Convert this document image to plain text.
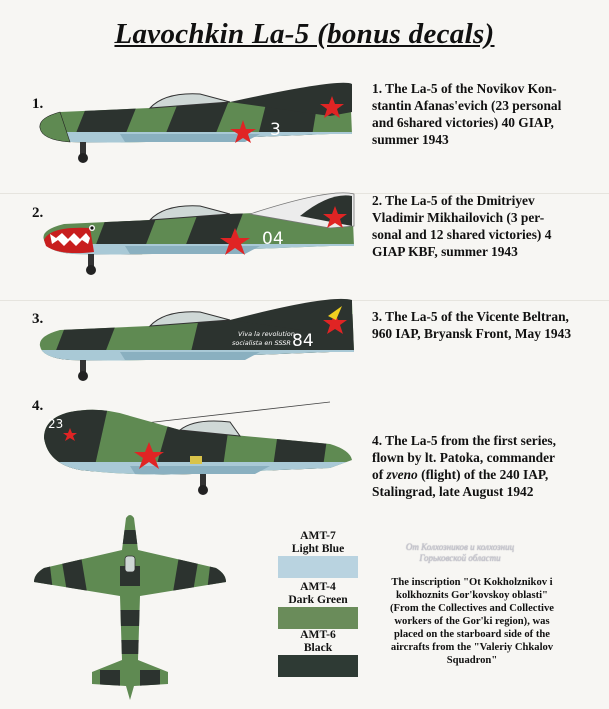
Lavochkin La-5 (bonus decals)
1.
3
1. The La-5 of the Novikov Kon-
stantin Afanas'evich (23 personal
and 6shared victories) 40 GIAP,
summer 1943
2.
04
2. The La-5 of the Dmitriyev
Vladimir Mikhailovich (3 per-
sonal and 12 shared victories) 4
GIAP KBF, summer 1943
3.
Viva la revolution
socialista en SSSR 84
3. The La-5 of the Vicente Beltran,
960 IAP, Bryansk Front, May 1943
4.
23
4. The La-5 from the first series,
flown by lt. Patoka, commander
of zveno (flight) of the 240 IAP,
Stalingrad, late August 1942
AMT-7
Light Blue
AMT-4
Dark Green
AMT-6
Black
От Колхозников и колхозниц
Горьковской области
The inscription "Ot Kokholznikov i
kolkhoznits Gor'kovskoy oblasti"
(From the Collectives and Collective
workers of the Gor'ki region), was
placed on the starboard side of the
aircrafts from the "Valeriy Chkalov
Squadron"
